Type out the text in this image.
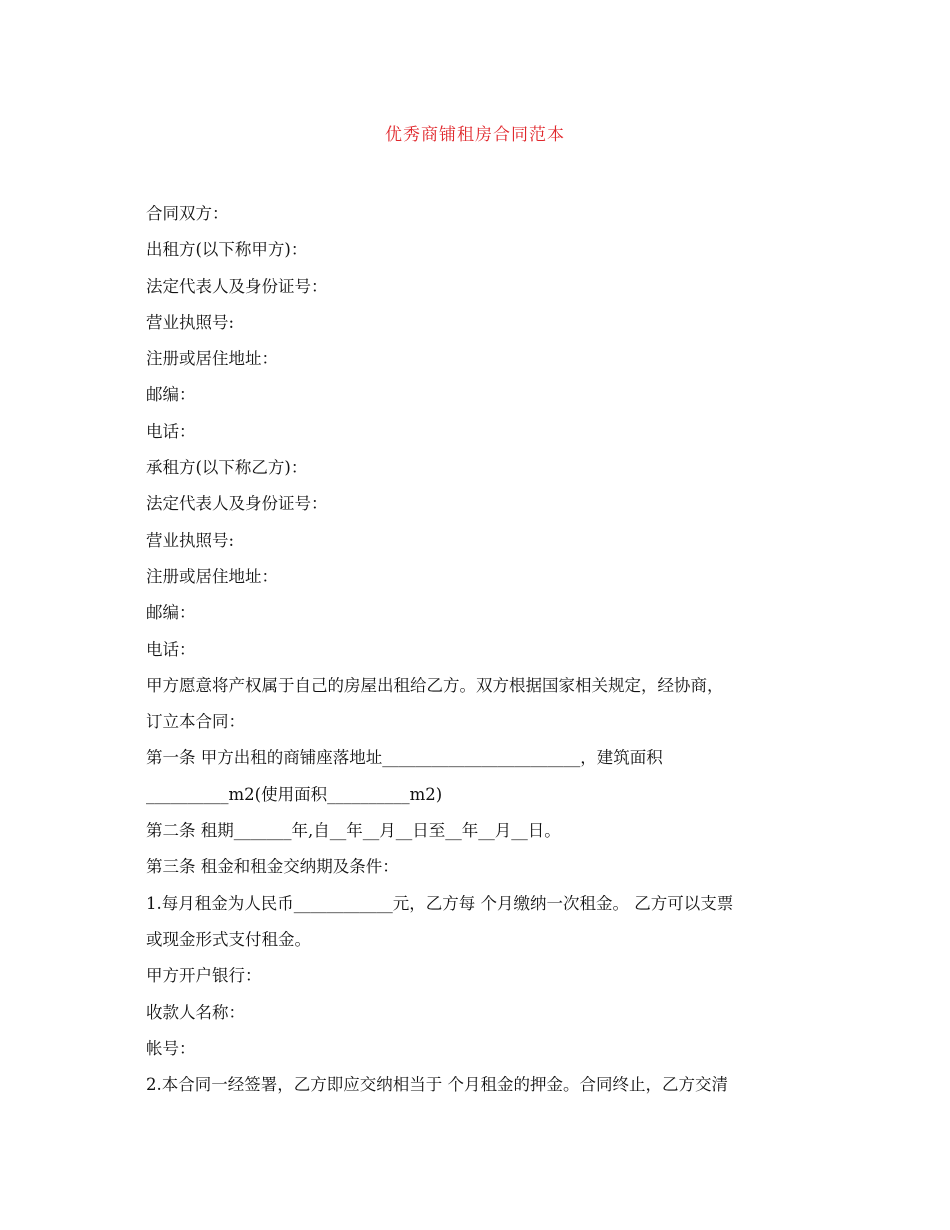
优秀商铺租房合同范本
合同双方：
出租方(以下称甲方)：
法定代表人及身份证号：
营业执照号:
注册或居住地址：
邮编：
电话：
承租方(以下称乙方)：
法定代表人及身份证号：
营业执照号:
注册或居住地址：
邮编：
电话：
甲方愿意将产权属于自己的房屋出租给乙方。双方根据国家相关规定，经协商，
订立本合同：
第一条 甲方出租的商铺座落地址________________________，建筑面积
__________m2(使用面积__________m2)
第二条 租期_______年,自__年__月__日至__年__月__日。
第三条 租金和租金交纳期及条件：
1.每月租金为人民币____________元，乙方每 个月缴纳一次租金。 乙方可以支票
或现金形式支付租金。
甲方开户银行：
收款人名称：
帐号：
2.本合同一经签署，乙方即应交纳相当于 个月租金的押金。合同终止，乙方交清
